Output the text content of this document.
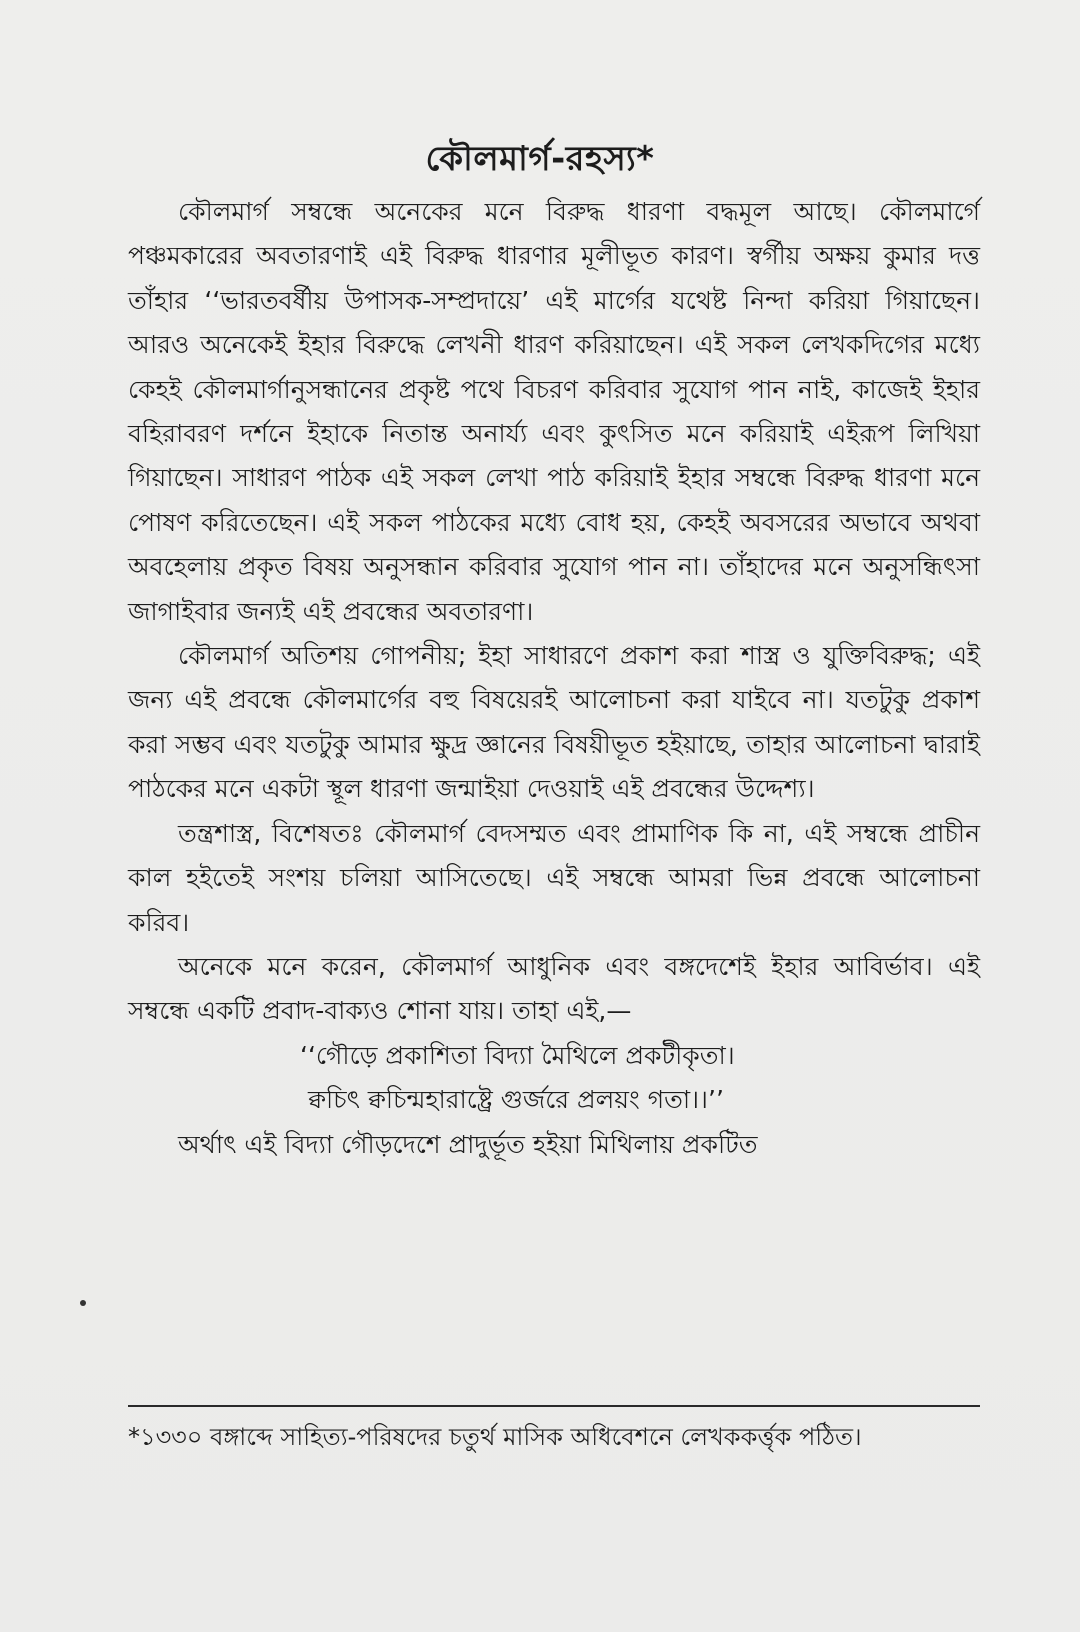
কৌলমার্গ-রহস্য*

কৌলমার্গ সম্বন্ধে অনেকের মনে বিরুদ্ধ ধারণা বদ্ধমূল আছে। কৌলমার্গে পঞ্চমকারের অবতারণাই এই বিরুদ্ধ ধারণার মূলীভূত কারণ। স্বর্গীয় অক্ষয় কুমার দত্ত তাঁহার ‘‘ভারতবর্ষীয় উপাসক-সম্প্রদায়ে’ এই মার্গের যথেষ্ট নিন্দা করিয়া গিয়াছেন। আরও অনেকেই ইহার বিরুদ্ধে লেখনী ধারণ করিয়াছেন। এই সকল লেখকদিগের মধ্যে কেহই কৌলমার্গানুসন্ধানের প্রকৃষ্ট পথে বিচরণ করিবার সুযোগ পান নাই, কাজেই ইহার বহিরাবরণ দর্শনে ইহাকে নিতান্ত অনার্য্য এবং কুৎসিত মনে করিয়াই এইরূপ লিখিয়া গিয়াছেন। সাধারণ পাঠক এই সকল লেখা পাঠ করিয়াই ইহার সম্বন্ধে বিরুদ্ধ ধারণা মনে পোষণ করিতেছেন। এই সকল পাঠকের মধ্যে বোধ হয়, কেহই অবসরের অভাবে অথবা অবহেলায় প্রকৃত বিষয় অনুসন্ধান করিবার সুযোগ পান না। তাঁহাদের মনে অনুসন্ধিৎসা জাগাইবার জন্যই এই প্রবন্ধের অবতারণা।

কৌলমার্গ অতিশয় গোপনীয়; ইহা সাধারণে প্রকাশ করা শাস্ত্র ও যুক্তিবিরুদ্ধ; এই জন্য এই প্রবন্ধে কৌলমার্গের বহু বিষয়েরই আলোচনা করা যাইবে না। যতটুকু প্রকাশ করা সম্ভব এবং যতটুকু আমার ক্ষুদ্র জ্ঞানের বিষয়ীভূত হইয়াছে, তাহার আলোচনা দ্বারাই পাঠকের মনে একটা স্থূল ধারণা জন্মাইয়া দেওয়াই এই প্রবন্ধের উদ্দেশ্য।

তন্ত্রশাস্ত্র, বিশেষতঃ কৌলমার্গ বেদসম্মত এবং প্রামাণিক কি না, এই সম্বন্ধে প্রাচীন কাল হইতেই সংশয় চলিয়া আসিতেছে। এই সম্বন্ধে আমরা ভিন্ন প্রবন্ধে আলোচনা করিব।

অনেকে মনে করেন, কৌলমার্গ আধুনিক এবং বঙ্গদেশেই ইহার আবির্ভাব। এই সম্বন্ধে একটি প্রবাদ-বাক্যও শোনা যায়। তাহা এই,—

‘‘গৌড়ে প্রকাশিতা বিদ্যা মৈথিলে প্রকটীকৃতা।
ক্বচিৎ ক্বচিন্মহারাষ্ট্রে গুর্জরে প্রলয়ং গতা।।’’

অর্থাৎ এই বিদ্যা গৌড়দেশে প্রাদুর্ভূত হইয়া মিথিলায় প্রকটিত

*১৩৩০ বঙ্গাব্দে সাহিত্য-পরিষদের চতুর্থ মাসিক অধিবেশনে লেখককর্ত্তৃক পঠিত।
